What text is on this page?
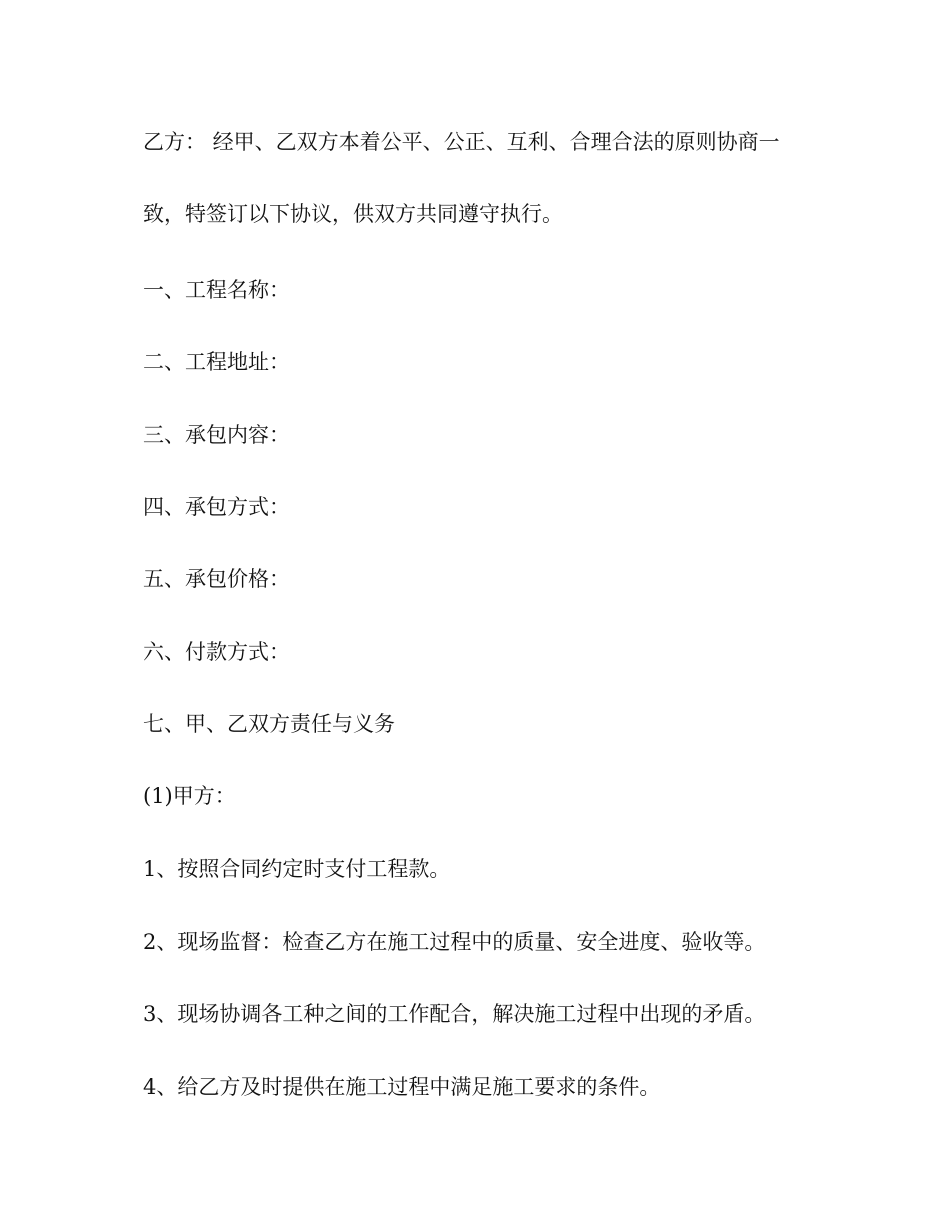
乙方： 经甲、乙双方本着公平、公正、互利、合理合法的原则协商一
致，特签订以下协议，供双方共同遵守执行。
一、工程名称：
二、工程地址：
三、承包内容：
四、承包方式：
五、承包价格：
六、付款方式：
七、甲、乙双方责任与义务
(1)甲方：
1、按照合同约定时支付工程款。
2、现场监督：检查乙方在施工过程中的质量、安全进度、验收等。
3、现场协调各工种之间的工作配合，解决施工过程中出现的矛盾。
4、给乙方及时提供在施工过程中满足施工要求的条件。
